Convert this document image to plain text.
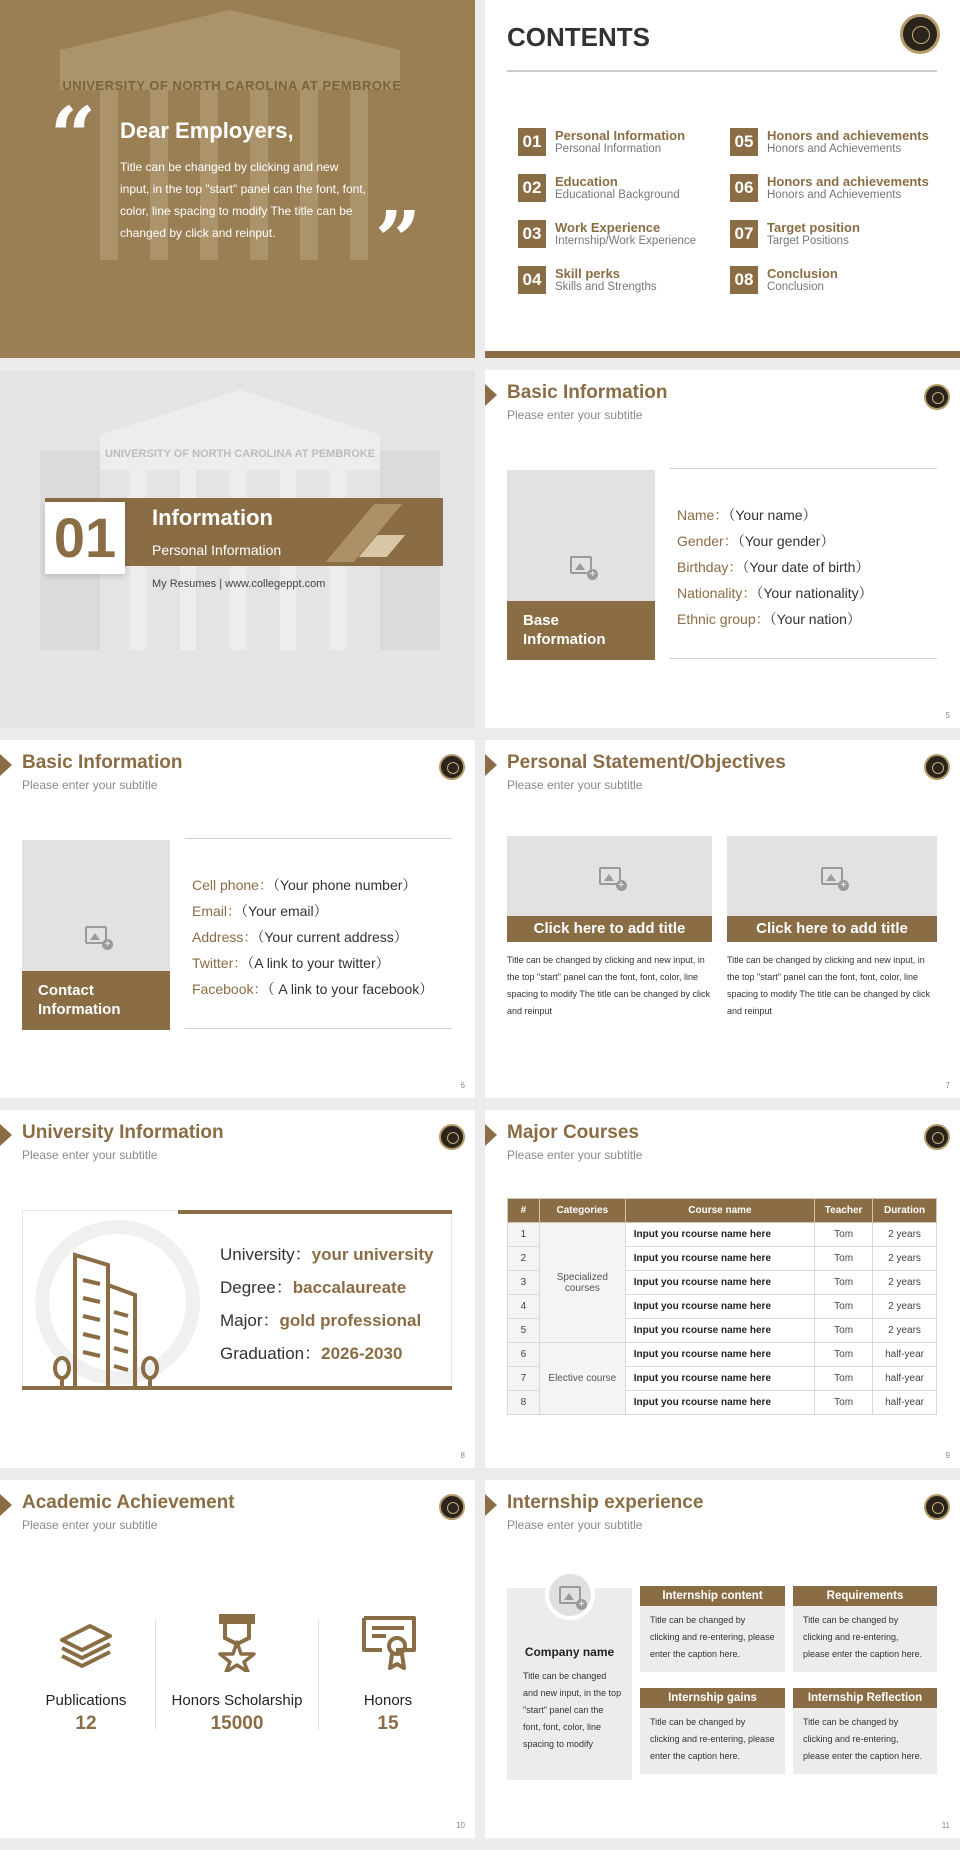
UNIVERSITY OF NORTH CAROLINA AT PEMBROKE
“ Dear Employers,
Title can be changed by clicking and new input, in the top "start" panel can the font, font, color, line spacing to modify The title can be changed by click and reinput.	”
CONTENTS
01	Personal Information
Personal Information
02	Education
Educational Background
03	Work Experience
Internship/Work Experience
04	Skill perks
Skills and Strengths
05	Honors and achievements
Honors and Achievements
06	Honors and achievements
Honors and Achievements
07	Target position
Target Positions
08	Conclusion
Conclusion
UNIVERSITY OF NORTH CAROLINA AT PEMBROKE
01	Information
Personal Information
My Resumes | www.collegeppt.com
Basic Information
Please enter your subtitle
+
Base Information
Name：（Your name）
Gender：（Your gender）
Birthday：（Your date of birth）
Nationality：（Your nationality）
Ethnic group：（Your nation）
5
Basic Information
Please enter your subtitle
+
Contact Information
Cell phone：（Your phone number）
Email：（Your email）
Address：（Your current address）
Twitter：（A link to your twitter）
Facebook：（ A link to your facebook）
6
Personal Statement/Objectives
Please enter your subtitle
+
Click here to add title
Title can be changed by clicking and new input, in the top "start" panel can the font, font, color, line spacing to modify The title can be changed by click and reinput
+
Click here to add title
Title can be changed by clicking and new input, in the top "start" panel can the font, font, color, line spacing to modify The title can be changed by click and reinput
7
University Information
Please enter your subtitle
University：your university
Degree：baccalaureate
Major：gold professional
Graduation：2026-2030
8
Major Courses
Please enter your subtitle
#	Categories	Course name	Teacher	Duration
1	Specialized courses	Input you rcourse name here	Tom	2 years
2		Input you rcourse name here	Tom	2 years
3		Input you rcourse name here	Tom	2 years
4		Input you rcourse name here	Tom	2 years
5		Input you rcourse name here	Tom	2 years
6	Elective course	Input you rcourse name here	Tom	half-year
7		Input you rcourse name here	Tom	half-year
8		Input you rcourse name here	Tom	half-year
9
Academic Achievement
Please enter your subtitle
Publications
12
Honors Scholarship
15000
Honors
15
10
Internship experience
Please enter your subtitle
+
Company name
Title can be changed and new input, in the top "start" panel can the font, font, color, line spacing to modify
Internship content
Title can be changed by clicking and re-entering, please enter the caption here.
Requirements
Title can be changed by clicking and re-entering, please enter the caption here.
Internship gains
Title can be changed by clicking and re-entering, please enter the caption here.
Internship Reflection
Title can be changed by clicking and re-entering, please enter the caption here.
11
